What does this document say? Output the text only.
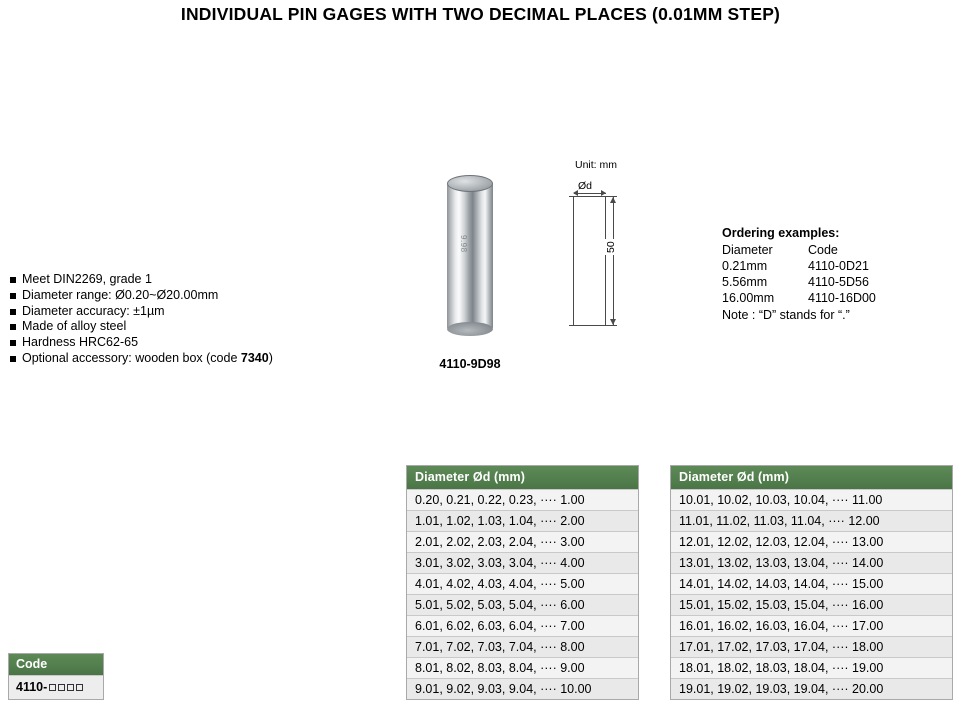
INDIVIDUAL PIN GAGES WITH TWO DECIMAL PLACES (0.01MM STEP)
Meet DIN2269, grade 1
Diameter range: Ø0.20~Ø20.00mm
Diameter accuracy: ±1µm
Made of alloy steel
Hardness HRC62-65
Optional accessory: wooden box (code 7340)
9.98
4110-9D98
Unit: mm
Ød
50
Ordering examples:
Diameter	Code
0.21mm	4110-0D21
5.56mm	4110-5D56
16.00mm	4110-16D00
Note : “D” stands for “.”
Diameter Ød (mm)
0.20, 0.21, 0.22, 0.23, ···· 1.00
1.01, 1.02, 1.03, 1.04, ···· 2.00
2.01, 2.02, 2.03, 2.04, ···· 3.00
3.01, 3.02, 3.03, 3.04, ···· 4.00
4.01, 4.02, 4.03, 4.04, ···· 5.00
5.01, 5.02, 5.03, 5.04, ···· 6.00
6.01, 6.02, 6.03, 6.04, ···· 7.00
7.01, 7.02, 7.03, 7.04, ···· 8.00
8.01, 8.02, 8.03, 8.04, ···· 9.00
9.01, 9.02, 9.03, 9.04, ···· 10.00
Diameter Ød (mm)
10.01, 10.02, 10.03, 10.04, ···· 11.00
11.01, 11.02, 11.03, 11.04, ···· 12.00
12.01, 12.02, 12.03, 12.04, ···· 13.00
13.01, 13.02, 13.03, 13.04, ···· 14.00
14.01, 14.02, 14.03, 14.04, ···· 15.00
15.01, 15.02, 15.03, 15.04, ···· 16.00
16.01, 16.02, 16.03, 16.04, ···· 17.00
17.01, 17.02, 17.03, 17.04, ···· 18.00
18.01, 18.02, 18.03, 18.04, ···· 19.00
19.01, 19.02, 19.03, 19.04, ···· 20.00
Code
4110-
